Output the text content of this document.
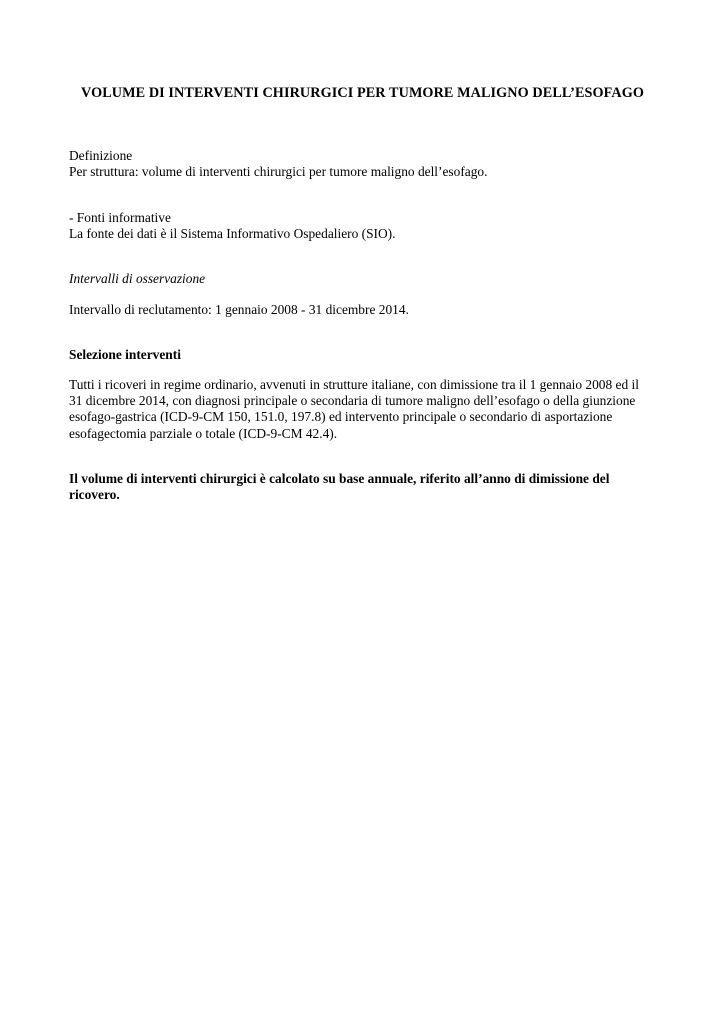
VOLUME DI INTERVENTI CHIRURGICI PER TUMORE MALIGNO DELL’ESOFAGO
Definizione
Per struttura: volume di interventi chirurgici per tumore maligno dell’esofago.
- Fonti informative
La fonte dei dati è il Sistema Informativo Ospedaliero (SIO).
Intervalli di osservazione
Intervallo di reclutamento: 1 gennaio 2008 - 31 dicembre 2014.
Selezione interventi
Tutti i ricoveri in regime ordinario, avvenuti in strutture italiane, con dimissione tra il 1 gennaio 2008 ed il
31 dicembre 2014, con diagnosi principale o secondaria di tumore maligno dell’esofago o della giunzione
esofago-gastrica (ICD-9-CM 150, 151.0, 197.8) ed intervento principale o secondario di asportazione
esofagectomia parziale o totale (ICD-9-CM 42.4).
Il volume di interventi chirurgici è calcolato su base annuale, riferito all’anno di dimissione del
ricovero.
